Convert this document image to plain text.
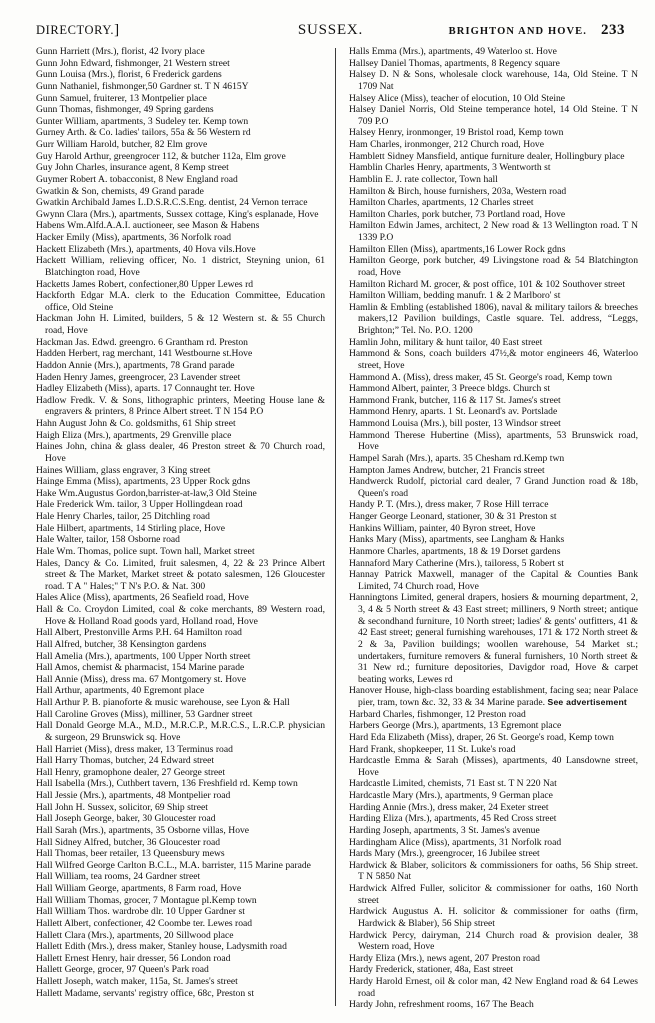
DIRECTORY.]	SUSSEX.	BRIGHTON AND HOVE. 233

Gunn Harriett (Mrs.), florist, 42 Ivory place

Gunn John Edward, fishmonger, 21 Western street

Gunn Louisa (Mrs.), florist, 6 Frederick gardens

Gunn Nathaniel, fishmonger,50 Gardner st. T N 4615Y

Gunn Samuel, fruiterer, 13 Montpelier place

Gunn Thomas, fishmonger, 49 Spring gardens

Gunter William, apartments, 3 Sudeley ter. Kemp town

Gurney Arth. & Co. ladies' tailors, 55a & 56 Western rd

Gurr William Harold, butcher, 82 Elm grove

Guy Harold Arthur, greengrocer 112, & butcher 112a, Elm grove

Guy John Charles, insurance agent, 8 Kemp street

Guymer Robert A. tobacconist, 8 New England road

Gwatkin & Son, chemists, 49 Grand parade

Gwatkin Archibald James L.D.S.R.C.S.Eng. dentist, 24 Vernon terrace

Gwynn Clara (Mrs.), apartments, Sussex cottage, King's esplanade, Hove

Habens Wm.Alfd.A.A.I. auctioneer, see Mason & Habens

Hacker Emily (Miss), apartments, 36 Norfolk road

Hackett Elizabeth (Mrs.), apartments, 40 Hova vils.Hove

Hackett William, relieving officer, No. 1 district, Steyning union, 61 Blatchington road, Hove

Hacketts James Robert, confectioner,80 Upper Lewes rd

Hackforth Edgar M.A. clerk to the Education Committee, Education office, Old Steine

Hackman John H. Limited, builders, 5 & 12 Western st. & 55 Church road, Hove

Hackman Jas. Edwd. greengro. 6 Grantham rd. Preston

Hadden Herbert, rag merchant, 141 Westbourne st.Hove

Haddon Annie (Mrs.), apartments, 78 Grand parade

Haden Henry James, greengrocer, 23 Lavender street

Hadley Elizabeth (Miss), aparts. 17 Connaught ter. Hove

Hadlow Fredk. V. & Sons, lithographic printers, Meeting House lane & engravers & printers, 8 Prince Albert street. T N 154 P.O

Hahn August John & Co. goldsmiths, 61 Ship street

Haigh Eliza (Mrs.), apartments, 29 Grenville place

Haines John, china & glass dealer, 46 Preston street & 70 Church road, Hove

Haines William, glass engraver, 3 King street

Hainge Emma (Miss), apartments, 23 Upper Rock gdns

Hake Wm.Augustus Gordon,barrister-at-law,3 Old Steine

Hale Frederick Wm. tailor, 3 Upper Hollingdean road

Hale Henry Charles, tailor, 25 Ditchling road

Hale Hilbert, apartments, 14 Stirling place, Hove

Hale Walter, tailor, 158 Osborne road

Hale Wm. Thomas, police supt. Town hall, Market street

Hales, Dancy & Co. Limited, fruit salesmen, 4, 22 & 23 Prince Albert street & The Market, Market street & potato salesmen, 126 Gloucester road. T A " Hales;" T N's P.O. & Nat. 300

Hales Alice (Miss), apartments, 26 Seafield road, Hove

Hall & Co. Croydon Limited, coal & coke merchants, 89 Western road, Hove & Holland Road goods yard, Holland road, Hove

Hall Albert, Prestonville Arms P.H. 64 Hamilton road

Hall Alfred, butcher, 38 Kensington gardens

Hall Amelia (Mrs.), apartments, 100 Upper North street

Hall Amos, chemist & pharmacist, 154 Marine parade

Hall Annie (Miss), dress ma. 67 Montgomery st. Hove

Hall Arthur, apartments, 40 Egremont place

Hall Arthur P. B. pianoforte & music warehouse, see Lyon & Hall

Hall Caroline Groves (Miss), milliner, 53 Gardner street

Hall Donald George M.A., M.D., M.R.C.P., M.R.C.S., L.R.C.P. physician & surgeon, 29 Brunswick sq. Hove

Hall Harriet (Miss), dress maker, 13 Terminus road

Hall Harry Thomas, butcher, 24 Edward street

Hall Henry, gramophone dealer, 27 George street

Hall Isabella (Mrs.), Cuthbert tavern, 136 Freshfield rd. Kemp town

Hall Jessie (Mrs.), apartments, 48 Montpelier road

Hall John H. Sussex, solicitor, 69 Ship street

Hall Joseph George, baker, 30 Gloucester road

Hall Sarah (Mrs.), apartments, 35 Osborne villas, Hove

Hall Sidney Alfred, butcher, 36 Gloucester road

Hall Thomas, beer retailer, 13 Queensbury mews

Hall Wilfred George Carlton B.C.L., M.A. barrister, 115 Marine parade

Hall William, tea rooms, 24 Gardner street

Hall William George, apartments, 8 Farm road, Hove

Hall William Thomas, grocer, 7 Montague pl.Kemp town

Hall William Thos. wardrobe dlr. 10 Upper Gardner st

Hallett Albert, confectioner, 42 Coombe ter. Lewes road

Hallett Clara (Mrs.), apartments, 20 Sillwood place

Hallett Edith (Mrs.), dress maker, Stanley house, Ladysmith road

Hallett Ernest Henry, hair dresser, 56 London road

Hallett George, grocer, 97 Queen's Park road

Hallett Joseph, watch maker, 115a, St. James's street

Hallett Madame, servants' registry office, 68c, Preston st

Halls Emma (Mrs.), apartments, 49 Waterloo st. Hove

Hallsey Daniel Thomas, apartments, 8 Regency square

Halsey D. N & Sons, wholesale clock warehouse, 14a, Old Steine. T N 1709 Nat

Halsey Alice (Miss), teacher of elocution, 10 Old Steine

Halsey Daniel Norris, Old Steine temperance hotel, 14 Old Steine. T N 709 P.O

Halsey Henry, ironmonger, 19 Bristol road, Kemp town

Ham Charles, ironmonger, 212 Church road, Hove

Hamblett Sidney Mansfield, antique furniture dealer, Hollingbury place

Hamblin Charles Henry, apartments, 3 Wentworth st

Hamblin E. J. rate collector, Town hall

Hamilton & Birch, house furnishers, 203a, Western road

Hamilton Charles, apartments, 12 Charles street

Hamilton Charles, pork butcher, 73 Portland road, Hove

Hamilton Edwin James, architect, 2 New road & 13 Wellington road. T N 1339 P.O

Hamilton Ellen (Miss), apartments,16 Lower Rock gdns

Hamilton George, pork butcher, 49 Livingstone road & 54 Blatchington road, Hove

Hamilton Richard M. grocer, & post office, 101 & 102 Southover street

Hamilton William, bedding manufr. 1 & 2 Marlboro' st

Hamlin & Embling (established 1806), naval & military tailors & breeches makers,12 Pavilion buildings, Castle square. Tel. address, “Leggs, Brighton;” Tel. No. P.O. 1200

Hamlin John, military & hunt tailor, 40 East street

Hammond & Sons, coach builders 47½,& motor engineers 46, Waterloo street, Hove

Hammond A. (Miss), dress maker, 45 St. George's road, Kemp town

Hammond Albert, painter, 3 Preece bldgs. Church st

Hammond Frank, butcher, 116 & 117 St. James's street

Hammond Henry, aparts. 1 St. Leonard's av. Portslade

Hammond Louisa (Mrs.), bill poster, 13 Windsor street

Hammond Therese Hubertine (Miss), apartments, 53 Brunswick road, Hove

Hampel Sarah (Mrs.), aparts. 35 Chesham rd.Kemp twn

Hampton James Andrew, butcher, 21 Francis street

Handwerck Rudolf, pictorial card dealer, 7 Grand Junction road & 18b, Queen's road

Handy P. T. (Mrs.), dress maker, 7 Rose Hill terrace

Hanger George Leonard, stationer, 30 & 31 Preston st

Hankins William, painter, 40 Byron street, Hove

Hanks Mary (Miss), apartments, see Langham & Hanks

Hanmore Charles, apartments, 18 & 19 Dorset gardens

Hannaford Mary Catherine (Mrs.), tailoress, 5 Robert st

Hannay Patrick Maxwell, manager of the Capital & Counties Bank Limited, 74 Church road, Hove

Hanningtons Limited, general drapers, hosiers & mourning department, 2, 3, 4 & 5 North street & 43 East street; milliners, 9 North street; antique & secondhand furniture, 10 North street; ladies' & gents' outfitters, 41 & 42 East street; general furnishing warehouses, 171 & 172 North street & 2 & 3a, Pavilion buildings; woollen warehouse, 54 Market st.; undertakers, furniture removers & funeral furnishers, 10 North street & 31 New rd.; furniture depositories, Davigdor road, Hove & carpet beating works, Lewes rd

Hanover House, high-class boarding establishment, facing sea; near Palace pier, tram, town &c. 32, 33 & 34 Marine parade. See advertisement

Harbard Charles, fishmonger, 12 Preston road

Harbers George (Mrs.), apartments, 13 Egremont place

Hard Eda Elizabeth (Miss), draper, 26 St. George's road, Kemp town

Hard Frank, shopkeeper, 11 St. Luke's road

Hardcastle Emma & Sarah (Misses), apartments, 40 Lansdowne street, Hove

Hardcastle Limited, chemists, 71 East st. T N 220 Nat

Hardcastle Mary (Mrs.), apartments, 9 German place

Harding Annie (Mrs.), dress maker, 24 Exeter street

Harding Eliza (Mrs.), apartments, 45 Red Cross street

Harding Joseph, apartments, 3 St. James's avenue

Hardingham Alice (Miss), apartments, 31 Norfolk road

Hards Mary (Mrs.), greengrocer, 16 Jubilee street

Hardwick & Blaber, solicitors & commissioners for oaths, 56 Ship street. T N 5850 Nat

Hardwick Alfred Fuller, solicitor & commissioner for oaths, 160 North street

Hardwick Augustus A. H. solicitor & commissioner for oaths (firm, Hardwick & Blaber), 56 Ship street

Hardwick Percy, dairyman, 214 Church road & provision dealer, 38 Western road, Hove

Hardy Eliza (Mrs.), news agent, 207 Preston road

Hardy Frederick, stationer, 48a, East street

Hardy Harold Ernest, oil & color man, 42 New England road & 64 Lewes road

Hardy John, refreshment rooms, 167 The Beach
